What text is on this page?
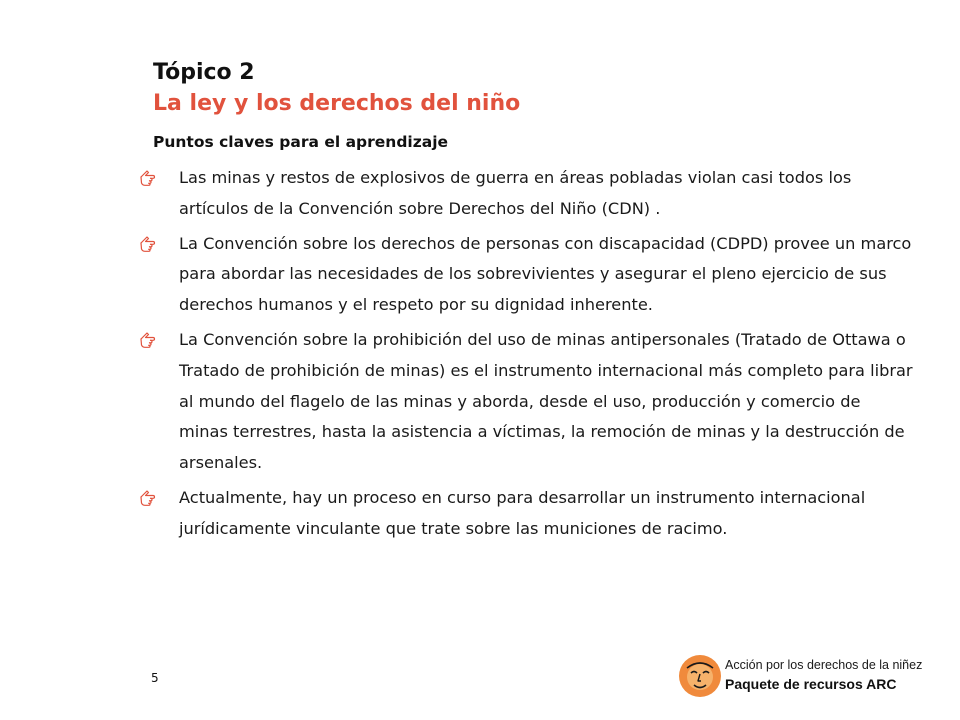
Tópico 2
La ley y los derechos del niño
Puntos claves para el aprendizaje
Las minas y restos de explosivos de guerra en áreas pobladas violan casi todos los artículos de la Convención sobre Derechos del Niño (CDN) .
La Convención sobre los derechos de personas con discapacidad (CDPD) provee un marco para abordar las necesidades de los sobrevivientes y asegurar el pleno ejercicio de sus derechos humanos y el respeto por su dignidad inherente.
La Convención sobre la prohibición del uso de minas antipersonales (Tratado de Ottawa o Tratado de prohibición de minas) es el instrumento internacional más completo para librar al mundo del flagelo de las minas y aborda, desde el uso, producción y comercio de minas terrestres, hasta la asistencia a víctimas, la remoción de minas y la destrucción de arsenales.
Actualmente, hay un proceso en curso para desarrollar un instrumento internacional jurídicamente vinculante que trate sobre las municiones de racimo.
5
Acción por los derechos de la niñez
Paquete de recursos ARC
